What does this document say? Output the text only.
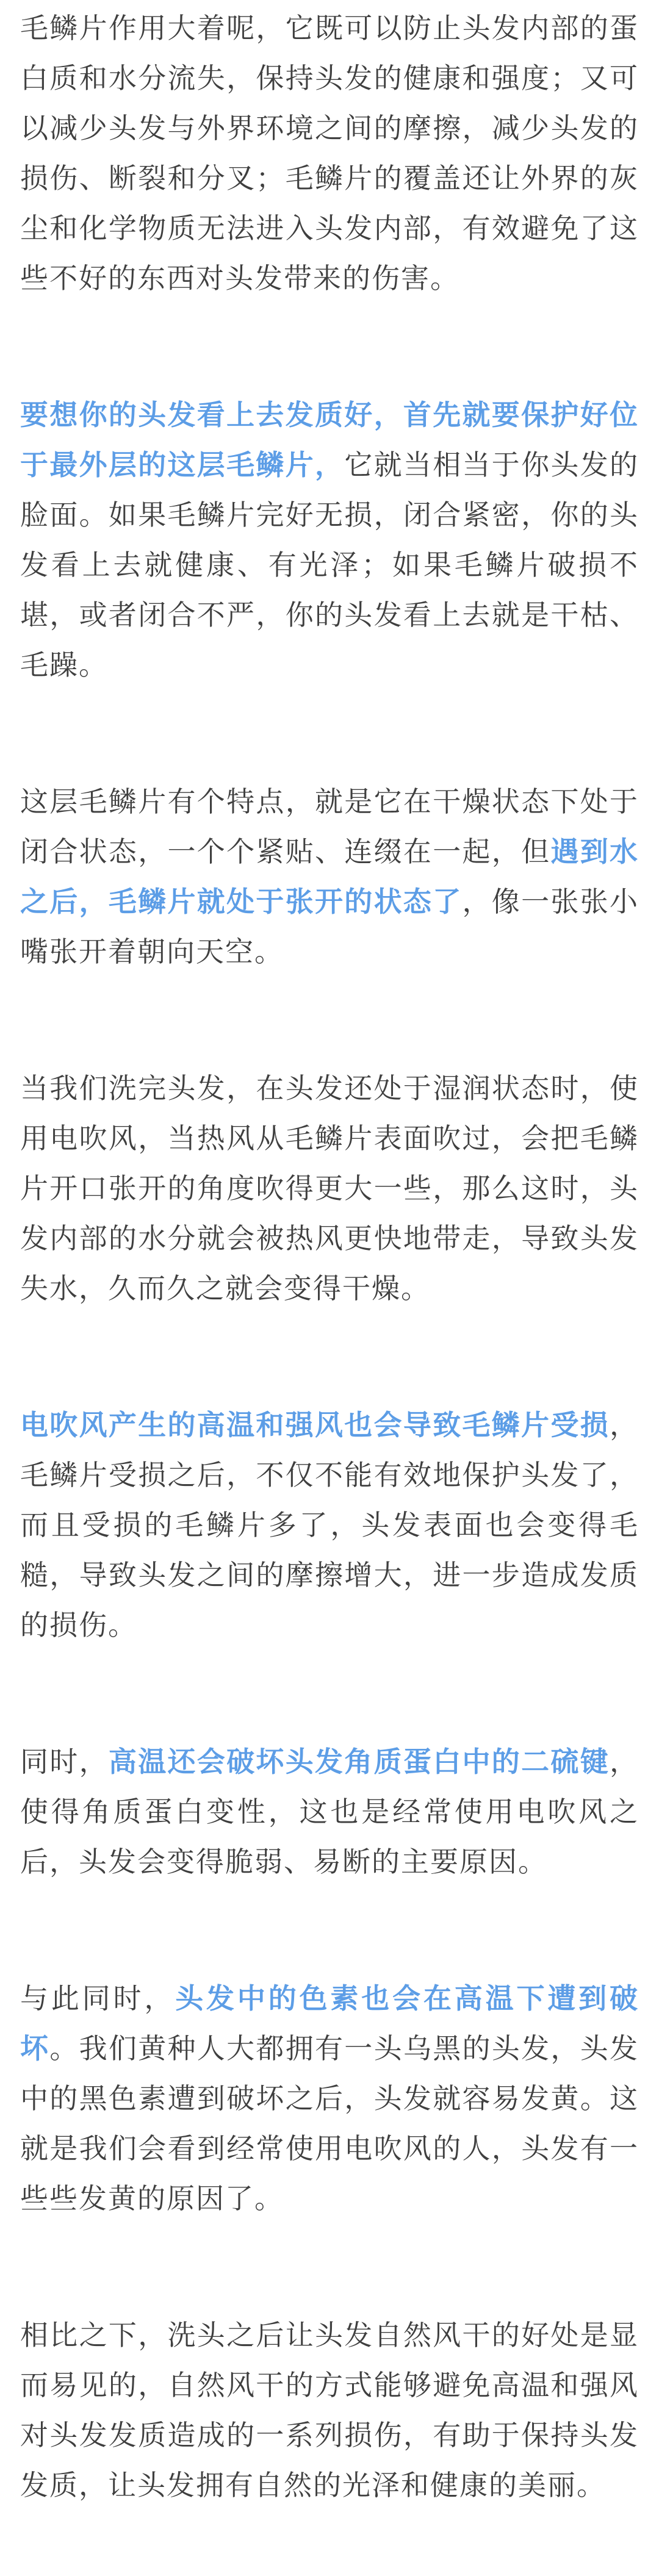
毛鳞片作用大着呢，它既可以防止头发内部的蛋白质和水分流失，保持头发的健康和强度；又可以减少头发与外界环境之间的摩擦，减少头发的损伤、断裂和分叉；毛鳞片的覆盖还让外界的灰尘和化学物质无法进入头发内部，有效避免了这些不好的东西对头发带来的伤害。

要想你的头发看上去发质好，首先就要保护好位于最外层的这层毛鳞片，它就当相当于你头发的脸面。如果毛鳞片完好无损，闭合紧密，你的头发看上去就健康、有光泽；如果毛鳞片破损不堪，或者闭合不严，你的头发看上去就是干枯、毛躁。

这层毛鳞片有个特点，就是它在干燥状态下处于闭合状态，一个个紧贴、连缀在一起，但遇到水之后，毛鳞片就处于张开的状态了，像一张张小嘴张开着朝向天空。

当我们洗完头发，在头发还处于湿润状态时，使用电吹风，当热风从毛鳞片表面吹过，会把毛鳞片开口张开的角度吹得更大一些，那么这时，头发内部的水分就会被热风更快地带走，导致头发失水，久而久之就会变得干燥。

电吹风产生的高温和强风也会导致毛鳞片受损，毛鳞片受损之后，不仅不能有效地保护头发了，而且受损的毛鳞片多了，头发表面也会变得毛糙，导致头发之间的摩擦增大，进一步造成发质的损伤。

同时，高温还会破坏头发角质蛋白中的二硫键，使得角质蛋白变性，这也是经常使用电吹风之后，头发会变得脆弱、易断的主要原因。

与此同时，头发中的色素也会在高温下遭到破坏。我们黄种人大都拥有一头乌黑的头发，头发中的黑色素遭到破坏之后，头发就容易发黄。这就是我们会看到经常使用电吹风的人，头发有一些些发黄的原因了。

相比之下，洗头之后让头发自然风干的好处是显而易见的，自然风干的方式能够避免高温和强风对头发发质造成的一系列损伤，有助于保持头发发质，让头发拥有自然的光泽和健康的美丽。
